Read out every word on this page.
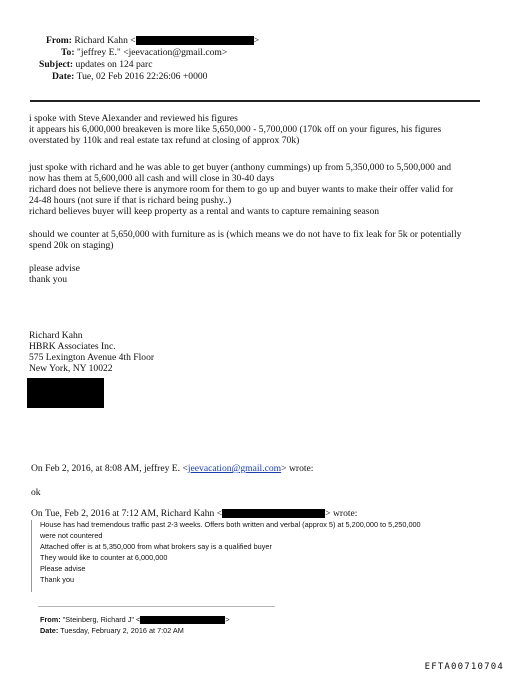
From: Richard Kahn <	>
To: "jeffrey E." <jeevacation@gmail.com>
Subject: updates on 124 parc
Date: Tue, 02 Feb 2016 22:26:06 +0000
i spoke with Steve Alexander and reviewed his figures
it appears his 6,000,000 breakeven is more like 5,650,000 - 5,700,000 (170k off on your figures, his figures
overstated by 110k and real estate tax refund at closing of approx 70k)
just spoke with richard and he was able to get buyer (anthony cummings) up from 5,350,000 to 5,500,000 and
now has them at 5,600,000 all cash and will close in 30-40 days
richard does not believe there is anymore room for them to go up and buyer wants to make their offer valid for
24-48 hours (not sure if that is richard being pushy..)
richard believes buyer will keep property as a rental and wants to capture remaining season
should we counter at 5,650,000 with furniture as is (which means we do not have to fix leak for 5k or potentially
spend 20k on staging)
please advise
thank you
Richard Kahn
HBRK Associates Inc.
575 Lexington Avenue 4th Floor
New York, NY 10022
On Feb 2, 2016, at 8:08 AM, jeffrey E. <jeevacation@gmail.com> wrote:
ok
On Tue, Feb 2, 2016 at 7:12 AM, Richard Kahn <	> wrote:
House has had tremendous traffic past 2-3 weeks. Offers both written and verbal (approx 5) at 5,200,000 to 5,250,000
were not countered
Attached offer is at 5,350,000 from what brokers say is a qualified buyer
They would like to counter at 6,000,000
Please advise
Thank you
From: "Steinberg, Richard J" <	>
Date: Tuesday, February 2, 2016 at 7:02 AM
EFTA00710704
